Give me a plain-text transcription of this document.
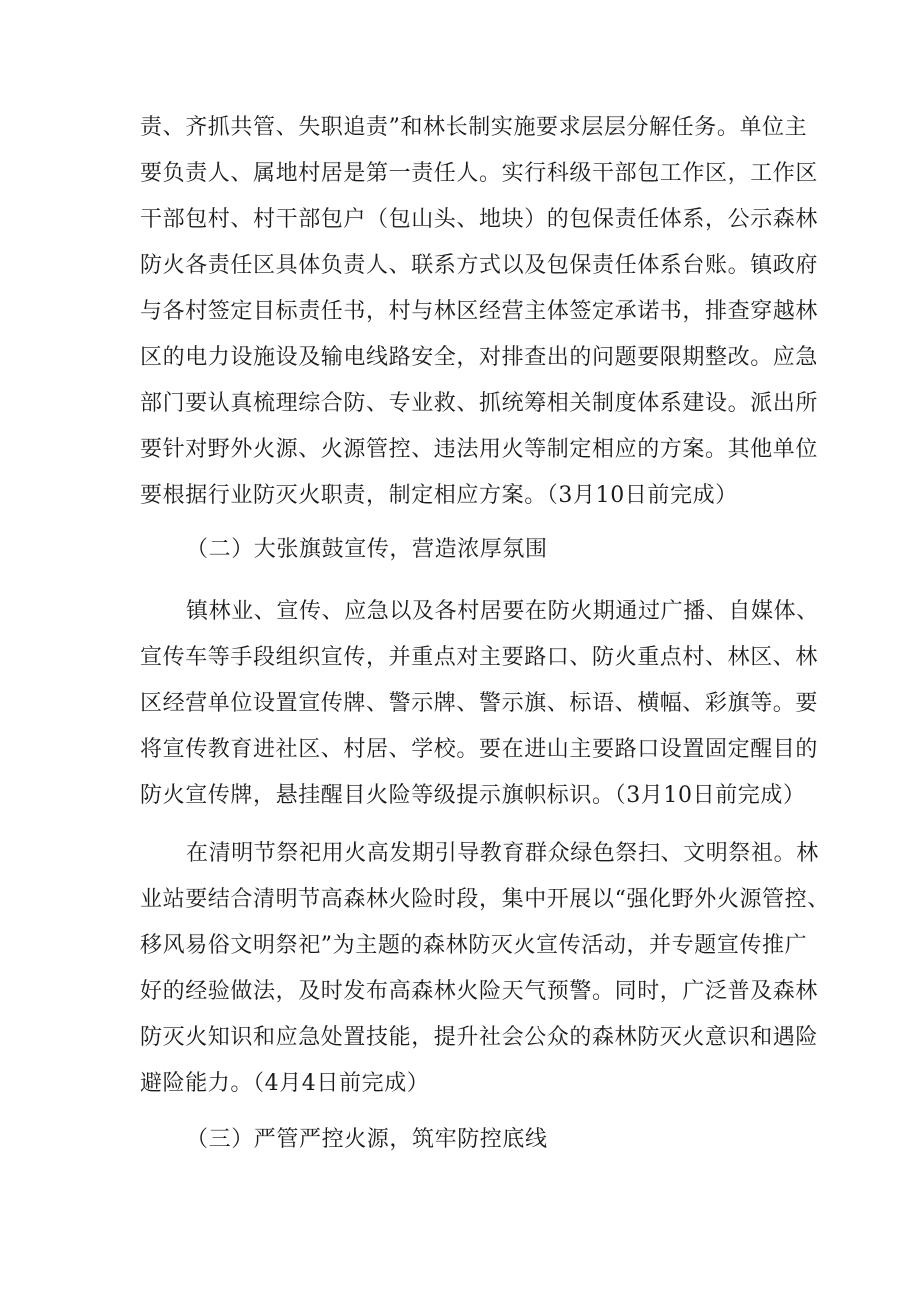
责、齐抓共管、失职追责”和林长制实施要求层层分解任务。单位主
要负责人、属地村居是第一责任人。实行科级干部包工作区，工作区
干部包村、村干部包户（包山头、地块）的包保责任体系，公示森林
防火各责任区具体负责人、联系方式以及包保责任体系台账。镇政府
与各村签定目标责任书，村与林区经营主体签定承诺书，排查穿越林
区的电力设施设及输电线路安全，对排查出的问题要限期整改。应急
部门要认真梳理综合防、专业救、抓统筹相关制度体系建设。派出所
要针对野外火源、火源管控、违法用火等制定相应的方案。其他单位
要根据行业防灭火职责，制定相应方案。（3月10日前完成）
（二）大张旗鼓宣传，营造浓厚氛围
镇林业、宣传、应急以及各村居要在防火期通过广播、自媒体、
宣传车等手段组织宣传，并重点对主要路口、防火重点村、林区、林
区经营单位设置宣传牌、警示牌、警示旗、标语、横幅、彩旗等。要
将宣传教育进社区、村居、学校。要在进山主要路口设置固定醒目的
防火宣传牌，悬挂醒目火险等级提示旗帜标识。（3月10日前完成）
在清明节祭祀用火高发期引导教育群众绿色祭扫、文明祭祖。林
业站要结合清明节高森林火险时段，集中开展以“强化野外火源管控、
移风易俗文明祭祀”为主题的森林防灭火宣传活动，并专题宣传推广
好的经验做法，及时发布高森林火险天气预警。同时，广泛普及森林
防灭火知识和应急处置技能，提升社会公众的森林防灭火意识和遇险
避险能力。（4月4日前完成）
（三）严管严控火源，筑牢防控底线
